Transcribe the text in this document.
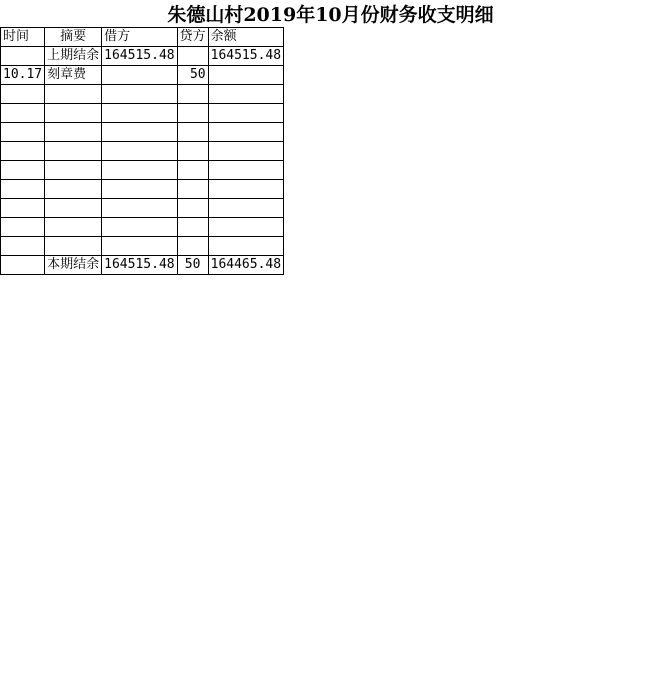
朱德山村2019年10月份财务收支明细
时间	摘要	借方	贷方	余额
	上期结余	164515.48		164515.48
10.17	刻章费		50	

	本期结余	164515.48	50	164465.48
